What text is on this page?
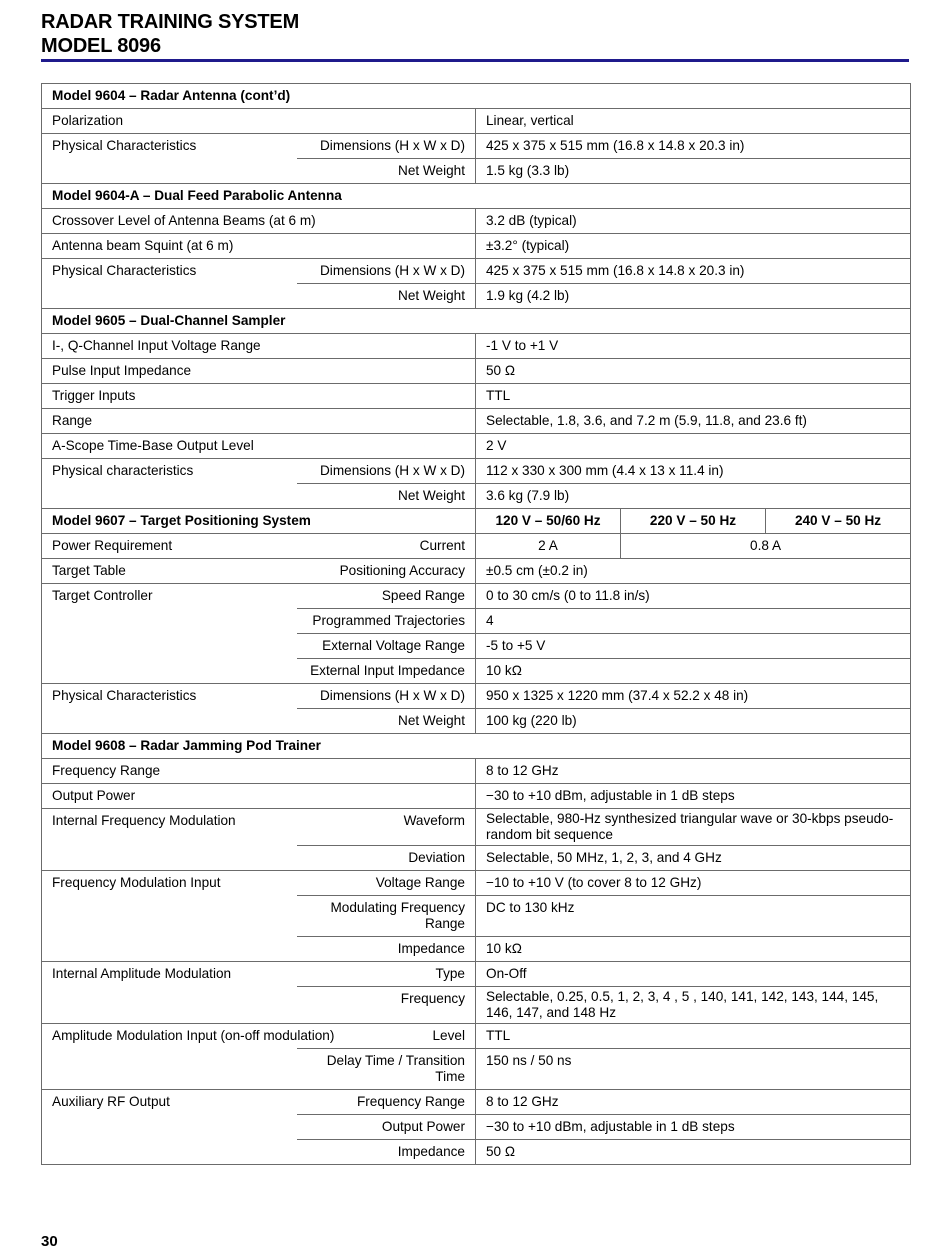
RADAR TRAINING SYSTEM
MODEL 8096
Model 9604 – Radar Antenna (cont’d)				
Polarization		Linear, vertical		
Physical Characteristics	Dimensions (H x W x D)	425 x 375 x 515 mm (16.8 x 14.8 x 20.3 in)		
	Net Weight	1.5 kg (3.3 lb)		
Model 9604-A – Dual Feed Parabolic Antenna				
Crossover Level of Antenna Beams (at 6 m)		3.2 dB (typical)		
Antenna beam Squint (at 6 m)		±3.2° (typical)		
Physical Characteristics	Dimensions (H x W x D)	425 x 375 x 515 mm (16.8 x 14.8 x 20.3 in)		
	Net Weight	1.9 kg (4.2 lb)		
Model 9605 – Dual-Channel Sampler				
I-, Q-Channel Input Voltage Range		-1 V to +1 V		
Pulse Input Impedance		50 Ω		
Trigger Inputs		TTL		
Range		Selectable, 1.8, 3.6, and 7.2 m (5.9, 11.8, and 23.6 ft)		
A-Scope Time-Base Output Level		2 V		
Physical characteristics	Dimensions (H x W x D)	112 x 330 x 300 mm (4.4 x 13 x 11.4 in)		
	Net Weight	3.6 kg (7.9 lb)		
Model 9607 – Target Positioning System		120 V – 50/60 Hz	220 V – 50 Hz	240 V – 50 Hz
Power Requirement	Current	2 A	0.8 A	
Target Table	Positioning Accuracy	±0.5 cm (±0.2 in)		
Target Controller	Speed Range	0 to 30 cm/s (0 to 11.8 in/s)		
	Programmed Trajectories	4		
	External Voltage Range	-5 to +5 V		
	External Input Impedance	10 kΩ		
Physical Characteristics	Dimensions (H x W x D)	950 x 1325 x 1220 mm (37.4 x 52.2 x 48 in)		
	Net Weight	100 kg (220 lb)		
Model 9608 – Radar Jamming Pod Trainer				
Frequency Range		8 to 12 GHz		
Output Power		−30 to +10 dBm, adjustable in 1 dB steps		
Internal Frequency Modulation	Waveform	Selectable, 980-Hz synthesized triangular wave or 30-kbps pseudo-random bit sequence		
	Deviation	Selectable, 50 MHz, 1, 2, 3, and 4 GHz		
Frequency Modulation Input	Voltage Range	−10 to +10 V (to cover 8 to 12 GHz)		
	Modulating Frequency Range	DC to 130 kHz		
	Impedance	10 kΩ		
Internal Amplitude Modulation	Type	On-Off		
	Frequency	Selectable, 0.25, 0.5, 1, 2, 3, 4 , 5 , 140, 141, 142, 143, 144, 145, 146, 147, and 148 Hz		
Amplitude Modulation Input (on-off modulation)	Level	TTL		
	Delay Time / Transition Time	150 ns / 50 ns		
Auxiliary RF Output	Frequency Range	8 to 12 GHz		
	Output Power	−30 to +10 dBm, adjustable in 1 dB steps		
	Impedance	50 Ω		
30
